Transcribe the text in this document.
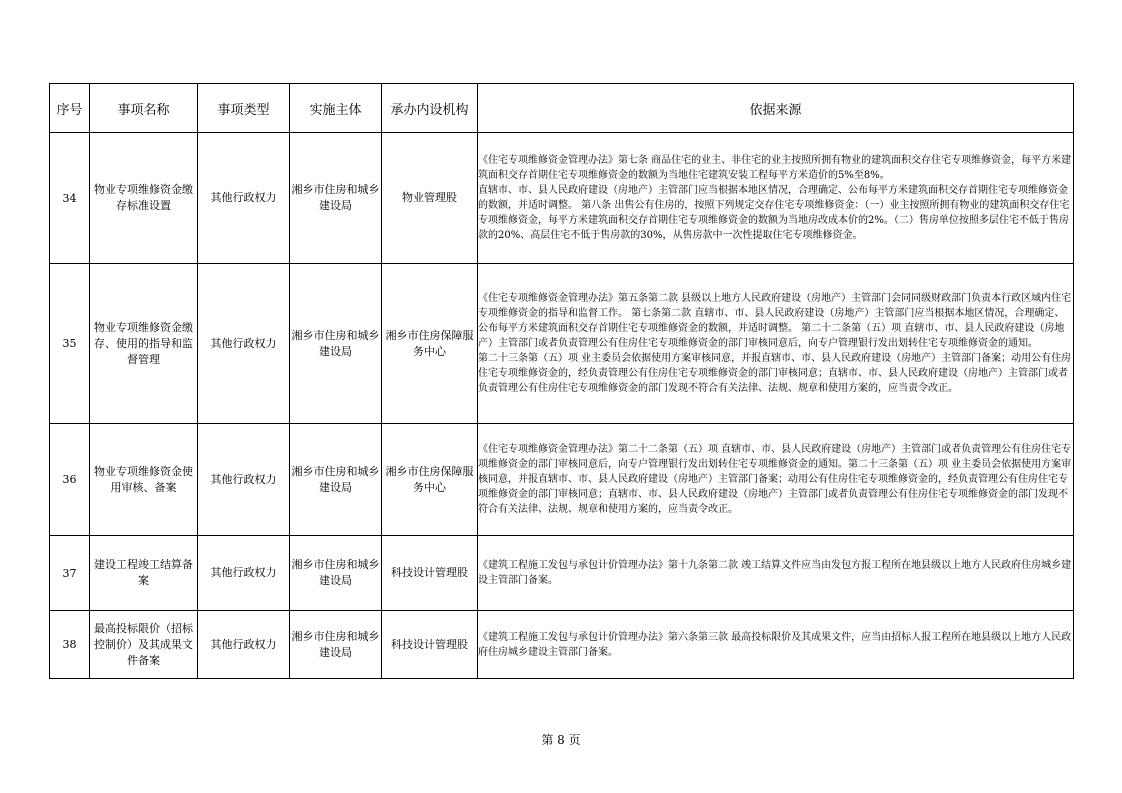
序号	事项名称	事项类型	实施主体	承办内设机构	依据来源
34	物业专项维修资金缴存标准设置	其他行政权力	湘乡市住房和城乡建设局	物业管理股	《住宅专项维修资金管理办法》第七条 商品住宅的业主、非住宅的业主按照所拥有物业的建筑面积交存住宅专项维修资金，每平方米建筑面积交存首期住宅专项维修资金的数额为当地住宅建筑安装工程每平方米造价的5%至8%。
直辖市、市、县人民政府建设（房地产）主管部门应当根据本地区情况，合理确定、公布每平方米建筑面积交存首期住宅专项维修资金的数额，并适时调整。 第八条 出售公有住房的，按照下列规定交存住宅专项维修资金：（一）业主按照所拥有物业的建筑面积交存住宅专项维修资金，每平方米建筑面积交存首期住宅专项维修资金的数额为当地房改成本价的2%。（二）售房单位按照多层住宅不低于售房款的20%、高层住宅不低于售房款的30%，从售房款中一次性提取住宅专项维修资金。

35	物业专项维修资金缴存、使用的指导和监督管理	其他行政权力	湘乡市住房和城乡建设局	湘乡市住房保障服务中心	《住宅专项维修资金管理办法》第五条第二款 县级以上地方人民政府建设（房地产）主管部门会同同级财政部门负责本行政区域内住宅专项维修资金的指导和监督工作。 第七条第二款 直辖市、市、县人民政府建设（房地产）主管部门应当根据本地区情况，合理确定、公布每平方米建筑面积交存首期住宅专项维修资金的数额，并适时调整。 第二十二条第（五）项 直辖市、市、县人民政府建设（房地产）主管部门或者负责管理公有住房住宅专项维修资金的部门审核同意后，向专户管理银行发出划转住宅专项维修资金的通知。
第二十三条第（五）项 业主委员会依据使用方案审核同意，并报直辖市、市、县人民政府建设（房地产）主管部门备案；动用公有住房住宅专项维修资金的，经负责管理公有住房住宅专项维修资金的部门审核同意；直辖市、市、县人民政府建设（房地产）主管部门或者负责管理公有住房住宅专项维修资金的部门发现不符合有关法律、法规、规章和使用方案的，应当责令改正。

36	物业专项维修资金使用审核、备案	其他行政权力	湘乡市住房和城乡建设局	湘乡市住房保障服务中心	《住宅专项维修资金管理办法》第二十二条第（五）项 直辖市、市、县人民政府建设（房地产）主管部门或者负责管理公有住房住宅专项维修资金的部门审核同意后，向专户管理银行发出划转住宅专项维修资金的通知。第二十三条第（五）项 业主委员会依据使用方案审核同意，并报直辖市、市、县人民政府建设（房地产）主管部门备案；动用公有住房住宅专项维修资金的，经负责管理公有住房住宅专项维修资金的部门审核同意；直辖市、市、县人民政府建设（房地产）主管部门或者负责管理公有住房住宅专项维修资金的部门发现不符合有关法律、法规、规章和使用方案的，应当责令改正。

37	建设工程竣工结算备案	其他行政权力	湘乡市住房和城乡建设局	科技设计管理股	《建筑工程施工发包与承包计价管理办法》第十九条第二款 竣工结算文件应当由发包方报工程所在地县级以上地方人民政府住房城乡建设主管部门备案。

38	最高投标限价（招标控制价）及其成果文件备案	其他行政权力	湘乡市住房和城乡建设局	科技设计管理股	《建筑工程施工发包与承包计价管理办法》第六条第三款 最高投标限价及其成果文件，应当由招标人报工程所在地县级以上地方人民政府住房城乡建设主管部门备案。
第 8 页
